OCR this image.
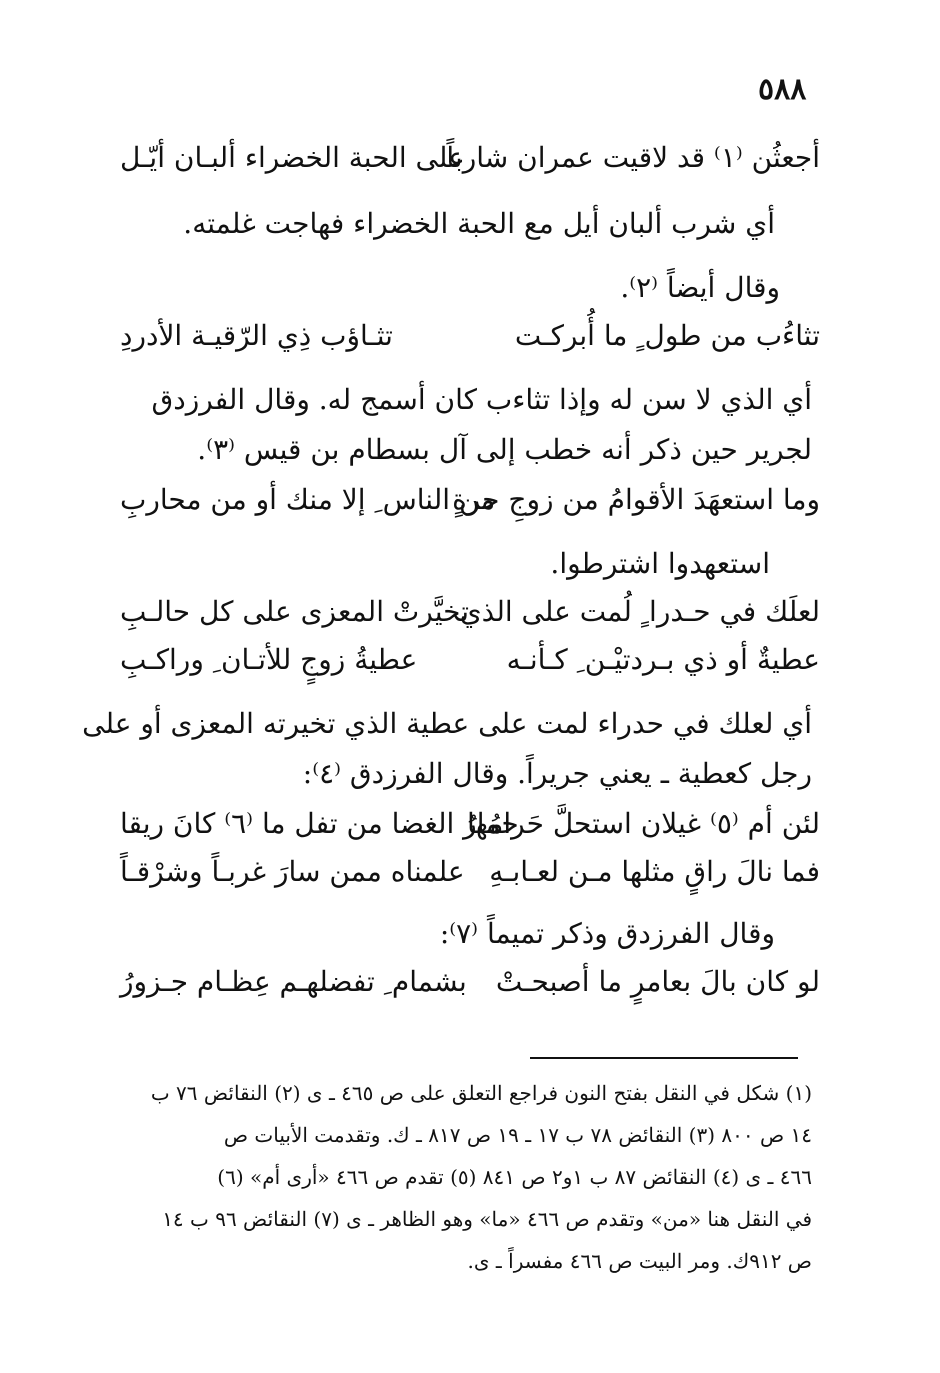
٥٨٨
أجعثُن ⁽١⁾ قد لاقيت عمران شارباً
على الحبة الخضراء ألبـان أيّـل
أي شرب ألبان أيل مع الحبة الخضراء فهاجت غلمته.
وقال أيضاً ⁽٢⁾.
تثاءُب من طول ٍ ما أُبركـت
تثـاؤب ذِي الرّقيـة الأدردِ
أي الذي لا سن له وإذا تثاءب كان أسمج له. وقال الفرزدق
لجرير حين ذكر أنه خطب إلى آل بسطام بن قيس ⁽٣⁾.
وما استعهَدَ الأقوامُ من زوجِ حرةٍ
من الناس ِ إلا منك أو من محاربِ
استعهدوا اشترطوا.
لعلَك في حـدرا ٍ لُمت على الذي
تخيَّرتْ المعزى على كل حالـبِ
عطيةٌ أو ذي بـردتيْـن ِ كـأنـه
عطيةُ زوجٍ للأتـان ِ وراكـبِ
أي لعلك في حدراء لمت على عطية الذي تخيرته المعزى أو على
رجل كعطية ـ يعني جريراً. وقال الفرزدق ⁽٤⁾:
لئن أم ⁽٥⁾ غيلان استحلَّ حَرامُها
حمارُ الغضا من تفل ما ⁽٦⁾ كانَ ريقا
فما نالَ راقٍ مثلها مـن لعـابـهِ
علمناه ممن سارَ غربـاً وشرْقـاً
وقال الفرزدق وذكر تميماً ⁽٧⁾:
لو كان بالَ بعامرٍ ما أصبحـتْ
بشمام ِ تفضلهـم عِظـام جـزورُ
(١) شكل في النقل بفتح النون فراجع التعلق على ص ٤٦٥ ـ ى (٢) النقائض ٧٦ ب
١٤ ص ٨٠٠ (٣) النقائض ٧٨ ب ١٧ ـ ١٩ ص ٨١٧ ـ ك. وتقدمت الأبيات ص
٤٦٦ ـ ى (٤) النقائض ٨٧ ب ١و٢ ص ٨٤١ (٥) تقدم ص ٤٦٦ «أرى أم» (٦)
في النقل هنا «من» وتقدم ص ٤٦٦ «ما» وهو الظاهر ـ ى (٧) النقائض ٩٦ ب ١٤
ص ٩١٢ك. ومر البيت ص ٤٦٦ مفسراً ـ ى.
